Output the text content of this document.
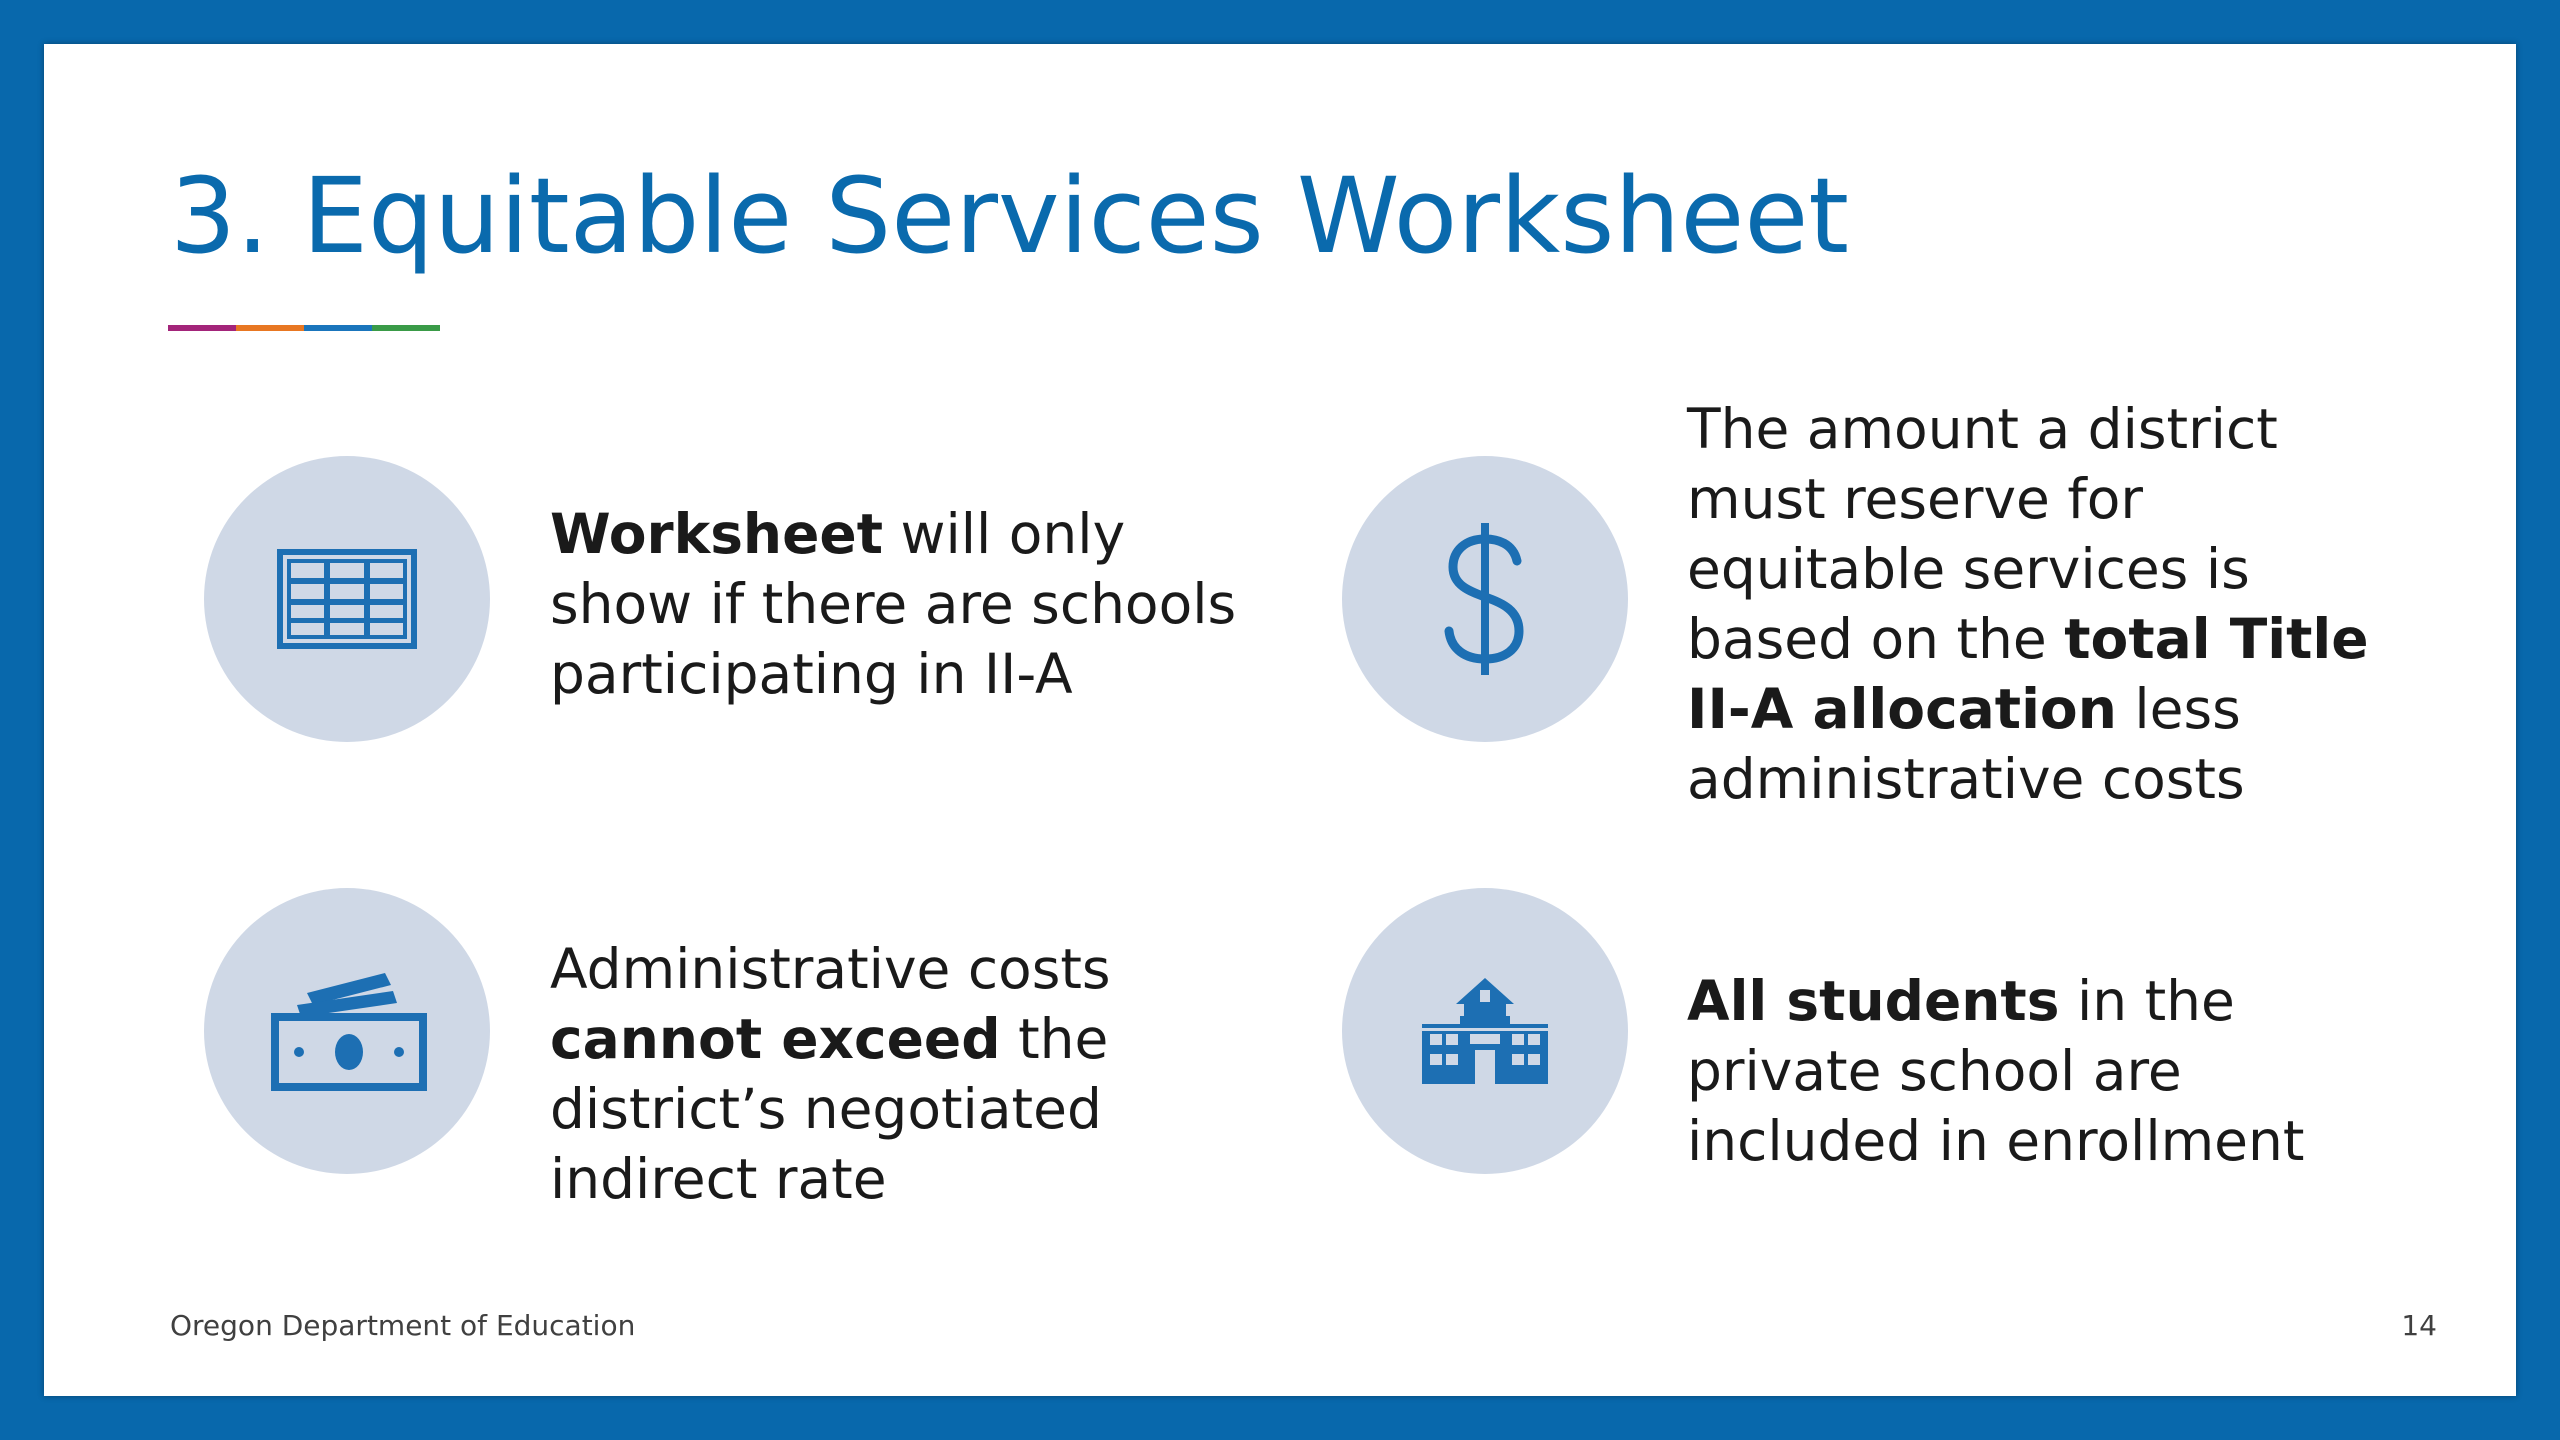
3. Equitable Services Worksheet
Worksheet will only show if there are schools participating in II-A
The amount a district must reserve for equitable services is based on the total Title II-A allocation less administrative costs
Administrative costs cannot exceed the district’s negotiated indirect rate
All students in the private school are included in enrollment
Oregon Department of Education	14
